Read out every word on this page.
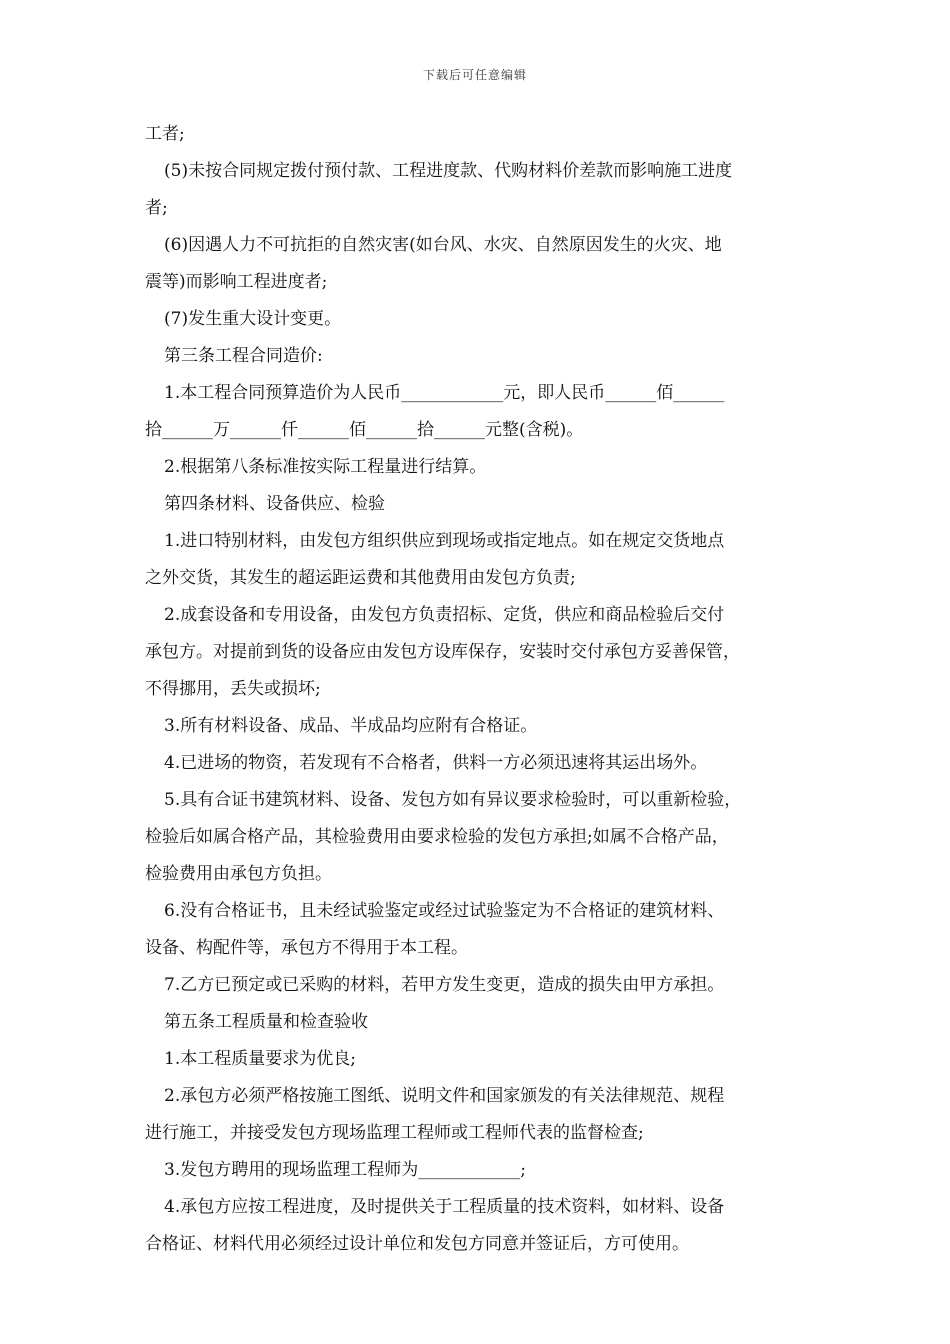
下载后可任意编辑
工者;
(5)未按合同规定拨付预付款、工程进度款、代购材料价差款而影响施工进度
者;
(6)因遇人力不可抗拒的自然灾害(如台风、水灾、自然原因发生的火灾、地
震等)而影响工程进度者;
(7)发生重大设计变更。
第三条工程合同造价:
1.本工程合同预算造价为人民币____________元，即人民币______佰______
拾______万______仟______佰______拾______元整(含税)。
2.根据第八条标准按实际工程量进行结算。
第四条材料、设备供应、检验
1.进口特别材料，由发包方组织供应到现场或指定地点。如在规定交货地点
之外交货，其发生的超运距运费和其他费用由发包方负责;
2.成套设备和专用设备，由发包方负责招标、定货，供应和商品检验后交付
承包方。对提前到货的设备应由发包方设库保存，安装时交付承包方妥善保管，
不得挪用，丢失或损坏;
3.所有材料设备、成品、半成品均应附有合格证。
4.已进场的物资，若发现有不合格者，供料一方必须迅速将其运出场外。
5.具有合证书建筑材料、设备、发包方如有异议要求检验时，可以重新检验，
检验后如属合格产品，其检验费用由要求检验的发包方承担;如属不合格产品，
检验费用由承包方负担。
6.没有合格证书，且未经试验鉴定或经过试验鉴定为不合格证的建筑材料、
设备、构配件等，承包方不得用于本工程。
7.乙方已预定或已采购的材料，若甲方发生变更，造成的损失由甲方承担。
第五条工程质量和检查验收
1.本工程质量要求为优良;
2.承包方必须严格按施工图纸、说明文件和国家颁发的有关法律规范、规程
进行施工，并接受发包方现场监理工程师或工程师代表的监督检查;
3.发包方聘用的现场监理工程师为____________;
4.承包方应按工程进度，及时提供关于工程质量的技术资料，如材料、设备
合格证、材料代用必须经过设计单位和发包方同意并签证后，方可使用。
